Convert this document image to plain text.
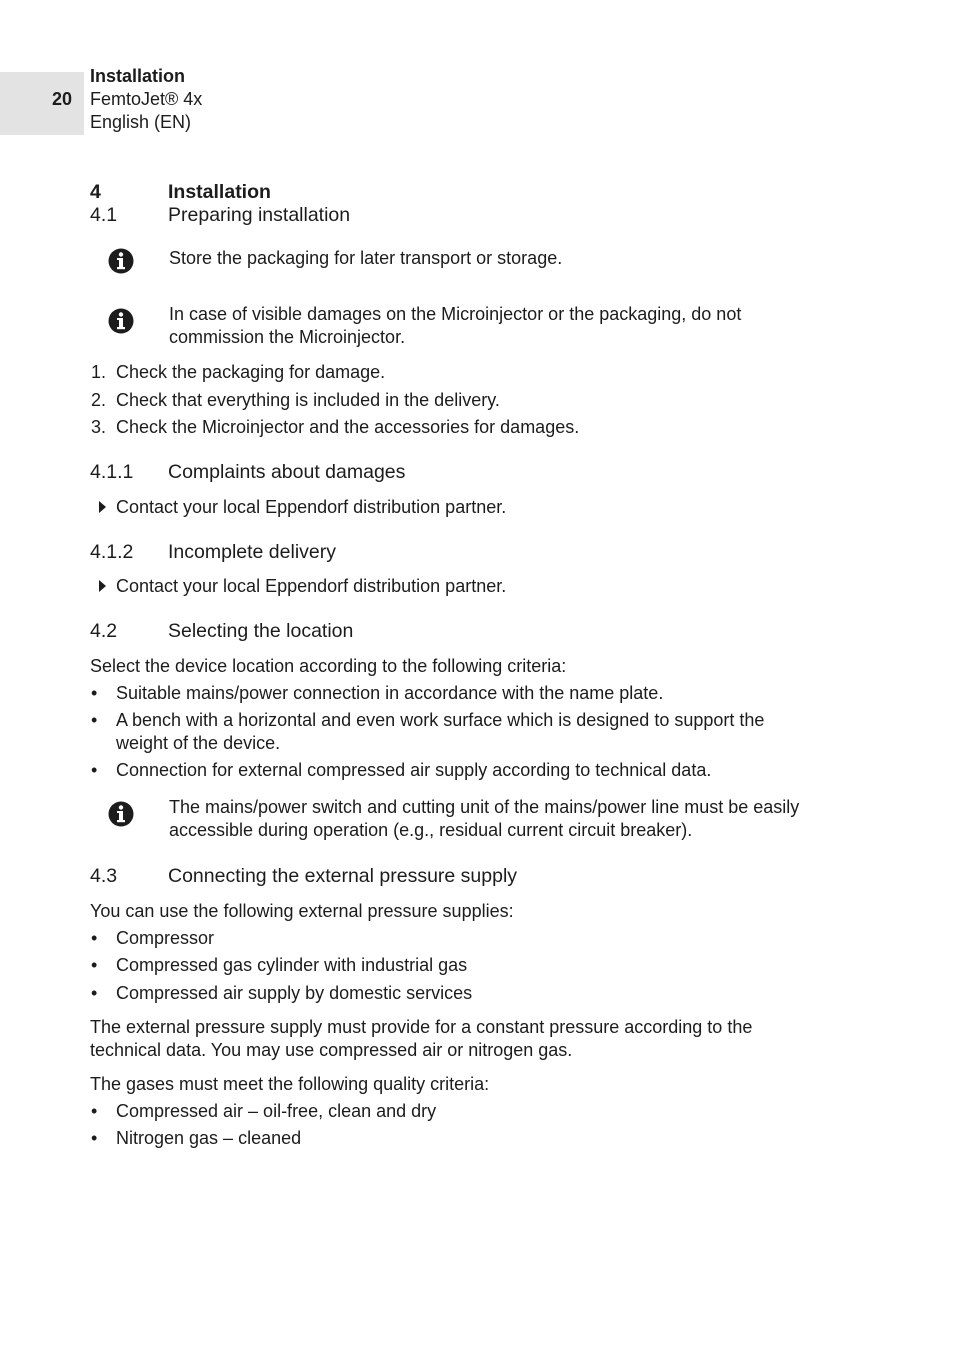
20
Installation
FemtoJet® 4x
English (EN)
4	Installation
4.1	Preparing installation
Store the packaging for later transport or storage.
In case of visible damages on the Microinjector or the packaging, do not
commission the Microinjector.
1. Check the packaging for damage.
2. Check that everything is included in the delivery.
3. Check the Microinjector and the accessories for damages.
4.1.1 Complaints about damages
Contact your local Eppendorf distribution partner.
4.1.2 Incomplete delivery
Contact your local Eppendorf distribution partner.
4.2	Selecting the location
Select the device location according to the following criteria:
• Suitable mains/power connection in accordance with the name plate.
• A bench with a horizontal and even work surface which is designed to support the
weight of the device.
• Connection for external compressed air supply according to technical data.
The mains/power switch and cutting unit of the mains/power line must be easily
accessible during operation (e.g., residual current circuit breaker).
4.3	Connecting the external pressure supply
You can use the following external pressure supplies:
• Compressor
• Compressed gas cylinder with industrial gas
• Compressed air supply by domestic services
The external pressure supply must provide for a constant pressure according to the
technical data. You may use compressed air or nitrogen gas.
The gases must meet the following quality criteria:
• Compressed air – oil-free, clean and dry
• Nitrogen gas – cleaned
